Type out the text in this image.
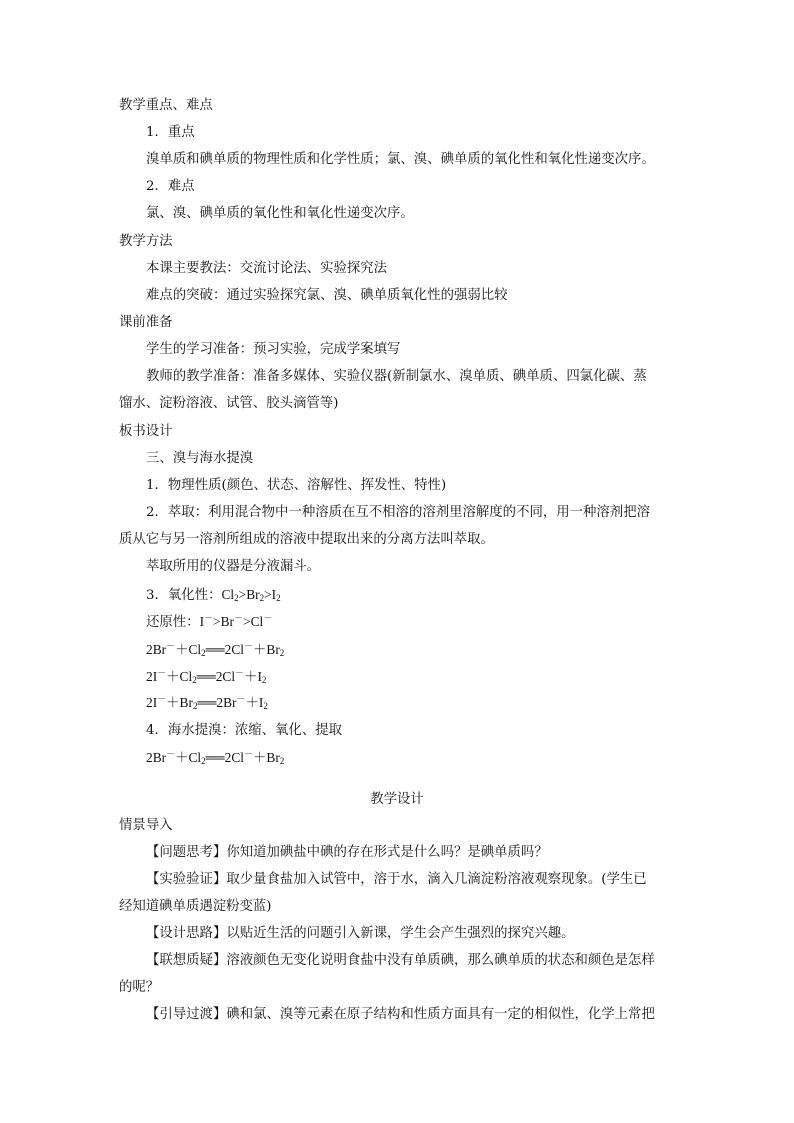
教学重点、难点
1．重点
溴单质和碘单质的物理性质和化学性质；氯、溴、碘单质的氧化性和氧化性递变次序。
2．难点
氯、溴、碘单质的氧化性和氧化性递变次序。
教学方法
本课主要教法：交流讨论法、实验探究法
难点的突破：通过实验探究氯、溴、碘单质氧化性的强弱比较
课前准备
学生的学习准备：预习实验，完成学案填写
教师的教学准备：准备多媒体、实验仪器(新制氯水、溴单质、碘单质、四氯化碳、蒸
馏水、淀粉溶液、试管、胶头滴管等)
板书设计
三、溴与海水提溴
1．物理性质(颜色、状态、溶解性、挥发性、特性)
2．萃取：利用混合物中一种溶质在互不相溶的溶剂里溶解度的不同，用一种溶剂把溶
质从它与另一溶剂所组成的溶液中提取出来的分离方法叫萃取。
萃取所用的仪器是分液漏斗。
3．氧化性：$Cl_2>Br_2>I_2$
还原性：I－>Br－>Cl－
$2Br^-+Cl_2══2Cl^-+Br_2$
$2I^-+Cl_2══2Cl^-+I_2$
$2I^-+Br_2══2Br^-+I_2$
4．海水提溴：浓缩、氧化、提取
$2Br^-+Cl_2══2Cl^-+Br_2$
教学设计
情景导入
【问题思考】你知道加碘盐中碘的存在形式是什么吗？是碘单质吗？
【实验验证】取少量食盐加入试管中，溶于水，滴入几滴淀粉溶液观察现象。(学生已
经知道碘单质遇淀粉变蓝)
【设计思路】以贴近生活的问题引入新课，学生会产生强烈的探究兴趣。
【联想质疑】溶液颜色无变化说明食盐中没有单质碘，那么碘单质的状态和颜色是怎样
的呢？
【引导过渡】碘和氯、溴等元素在原子结构和性质方面具有一定的相似性，化学上常把
